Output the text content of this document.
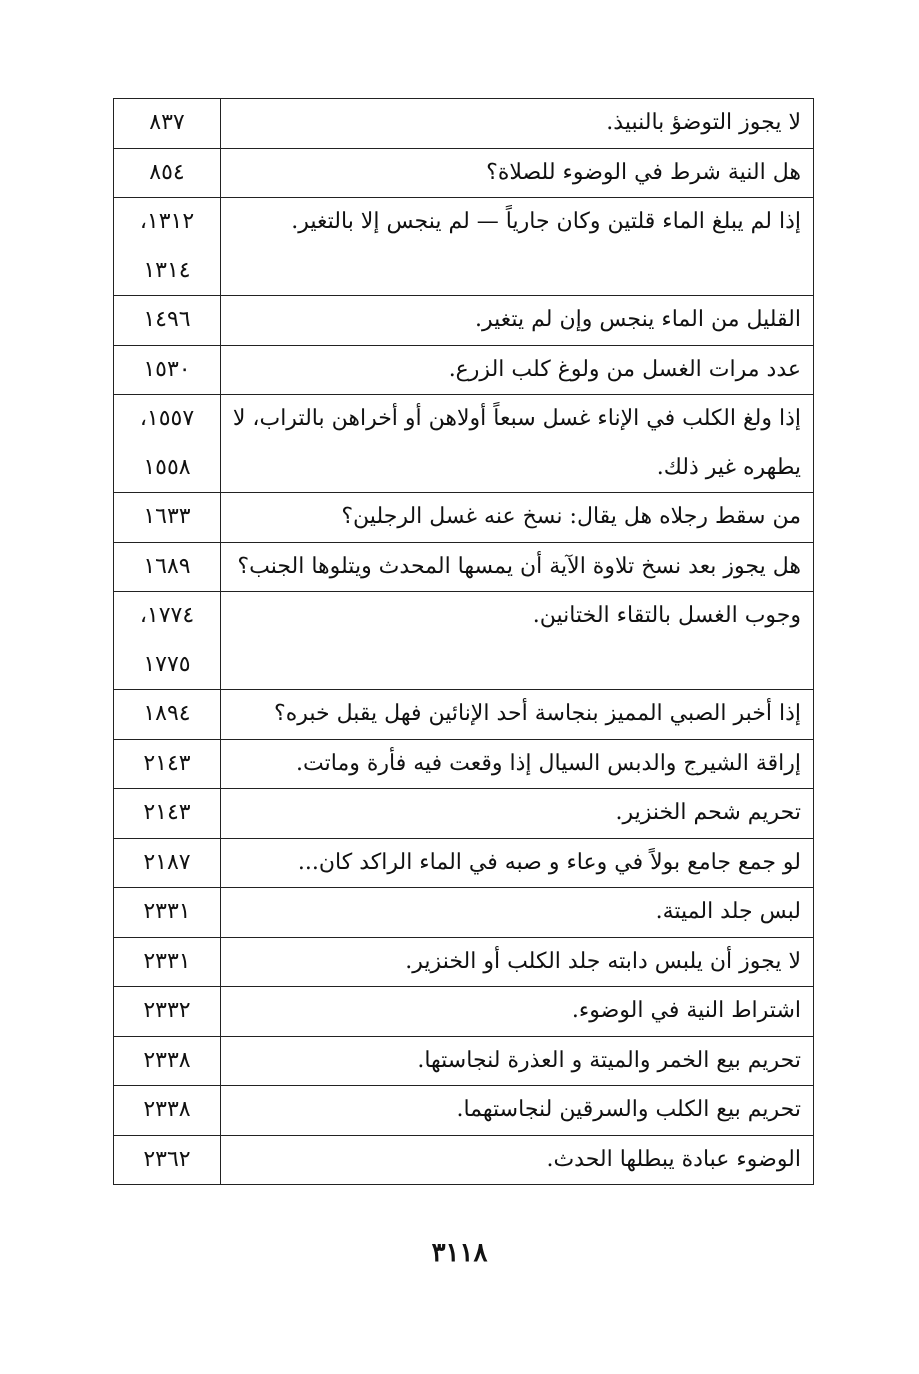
لا يجوز التوضؤ بالنبيذ.	٨٣٧

هل النية شرط في الوضوء للصلاة؟	٨٥٤

إذا لم يبلغ الماء قلتين وكان جارياً — لم ينجس إلا بالتغير.	١٣١٢،
١٣١٤

القليل من الماء ينجس وإن لم يتغير.	١٤٩٦

عدد مرات الغسل من ولوغ كلب الزرع.	١٥٣٠

إذا ولغ الكلب في الإناء غسل سبعاً أولاهن أو أخراهن بالتراب، لا يطهره غير ذلك.	١٥٥٧،
١٥٥٨

من سقط رجلاه هل يقال: نسخ عنه غسل الرجلين؟	١٦٣٣

هل يجوز بعد نسخ تلاوة الآية أن يمسها المحدث ويتلوها الجنب؟	١٦٨٩

وجوب الغسل بالتقاء الختانين.	١٧٧٤،
١٧٧٥

إذا أخبر الصبي المميز بنجاسة أحد الإنائين فهل يقبل خبره؟	١٨٩٤

إراقة الشيرج والدبس السيال إذا وقعت فيه فأرة وماتت.	٢١٤٣

تحريم شحم الخنزير.	٢١٤٣

لو جمع جامع بولاً في وعاء و صبه في الماء الراكد كان...	٢١٨٧

لبس جلد الميتة.	٢٣٣١

لا يجوز أن يلبس دابته جلد الكلب أو الخنزير.	٢٣٣١

اشتراط النية في الوضوء.	٢٣٣٢

تحريم بيع الخمر والميتة و العذرة لنجاستها.	٢٣٣٨

تحريم بيع الكلب والسرقين لنجاستهما.	٢٣٣٨

الوضوء عبادة يبطلها الحدث.	٢٣٦٢
٣١١٨
